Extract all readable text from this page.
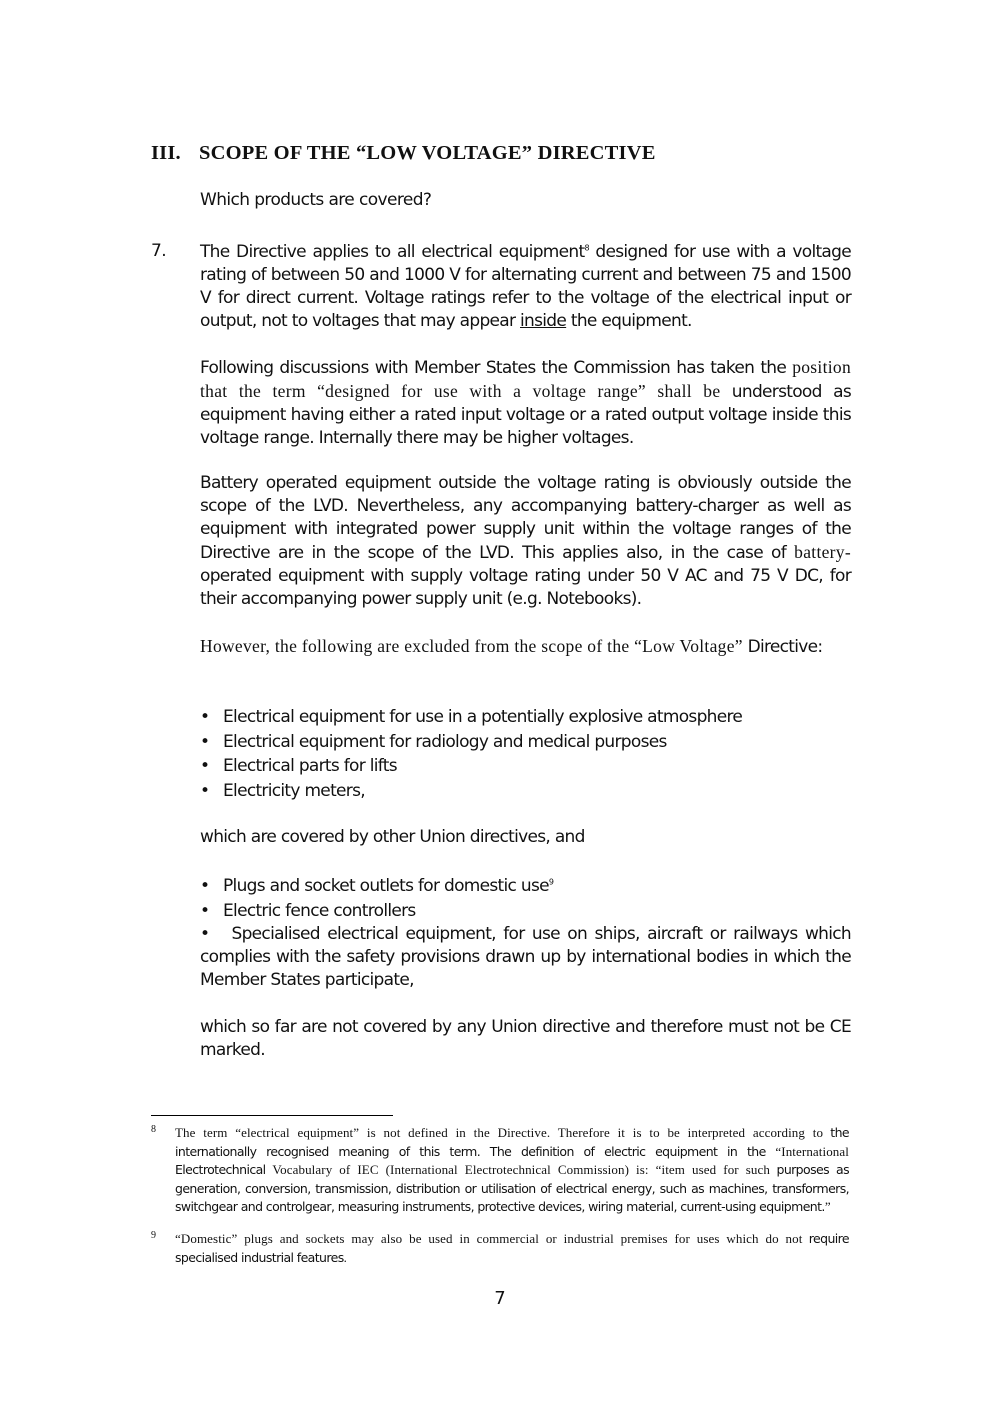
III. SCOPE OF THE “LOW VOLTAGE” DIRECTIVE
Which products are covered?
7. The Directive applies to all electrical equipment$^8$ designed for use with a voltage rating of between 50 and 1000 V for alternating current and between 75 and 1500 V for direct current. Voltage ratings refer to the voltage of the electrical input or output, not to voltages that may appear inside the equipment.

Following discussions with Member States the Commission has taken the position that the term “designed for use with a voltage range” shall be understood as equipment having either a rated input voltage or a rated output voltage inside this voltage range. Internally there may be higher voltages.

Battery operated equipment outside the voltage rating is obviously outside the scope of the LVD. Nevertheless, any accompanying battery-charger as well as equipment with integrated power supply unit within the voltage ranges of the Directive are in the scope of the LVD. This applies also, in the case of battery-operated equipment with supply voltage rating under 50 V AC and 75 V DC, for their accompanying power supply unit (e.g. Notebooks).

However, the following are excluded from the scope of the “Low Voltage” Directive:

• Electrical equipment for use in a potentially explosive atmosphere
• Electrical equipment for radiology and medical purposes
• Electrical parts for lifts
• Electricity meters,

which are covered by other Union directives, and

• Plugs and socket outlets for domestic use$^9$
• Electric fence controllers

• Specialised electrical equipment, for use on ships, aircraft or railways which complies with the safety provisions drawn up by international bodies in which the Member States participate,

which so far are not covered by any Union directive and therefore must not be CE marked.

8 The term “electrical equipment” is not defined in the Directive. Therefore it is to be interpreted according to the internationally recognised meaning of this term. The definition of electric equipment in the “International Electrotechnical Vocabulary of IEC (International Electrotechnical Commission) is: “item used for such purposes as generation, conversion, transmission, distribution or utilisation of electrical energy, such as machines, transformers, switchgear and controlgear, measuring instruments, protective devices, wiring material, current-using equipment.”
9 “Domestic” plugs and sockets may also be used in commercial or industrial premises for uses which do not require specialised industrial features.
7
